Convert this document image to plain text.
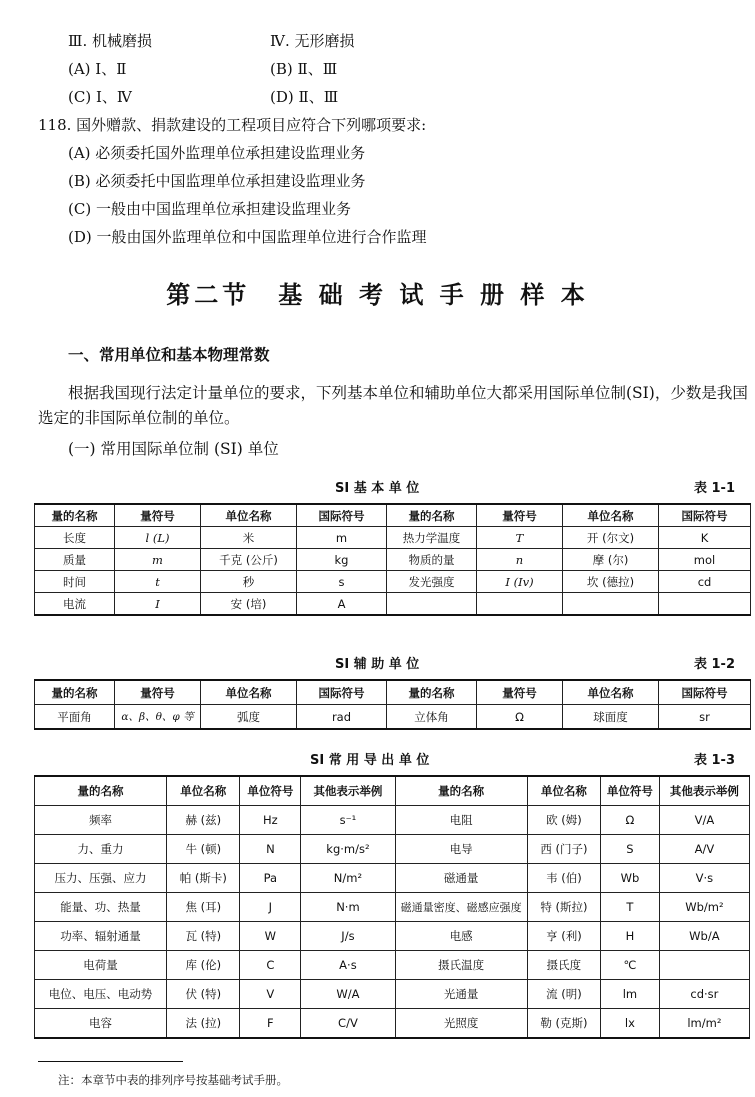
Ⅲ. 机械磨损	Ⅳ. 无形磨损
(A) Ⅰ、Ⅱ	(B) Ⅱ、Ⅲ
(C) Ⅰ、Ⅳ	(D) Ⅱ、Ⅲ
118. 国外赠款、捐款建设的工程项目应符合下列哪项要求:
(A) 必须委托国外监理单位承担建设监理业务
(B) 必须委托中国监理单位承担建设监理业务
(C) 一般由中国监理单位承担建设监理业务
(D) 一般由国外监理单位和中国监理单位进行合作监理
第二节　基 础 考 试 手 册 样 本
一、常用单位和基本物理常数
根据我国现行法定计量单位的要求，下列基本单位和辅助单位大都采用国际单位制(SI)，少数是我国选定的非国际单位制的单位。
(一) 常用国际单位制 (SI) 单位
SI 基 本 单 位	表 1-1
量的名称	量符号	单位名称	国际符号	量的名称	量符号	单位名称	国际符号
长度	l (L)	米	m	热力学温度	T	开 (尔文)	K
质量	m	千克 (公斤)	kg	物质的量	n	摩 (尔)	mol
时间	t	秒	s	发光强度	I (Iv)	坎 (德拉)	cd
电流	I	安 (培)	A				
SI 辅 助 单 位	表 1-2
量的名称	量符号	单位名称	国际符号	量的名称	量符号	单位名称	国际符号
平面角	α、β、θ、φ 等	弧度	rad	立体角	Ω	球面度	sr
SI 常 用 导 出 单 位	表 1-3
量的名称	单位名称	单位符号	其他表示举例	量的名称	单位名称	单位符号	其他表示举例
频率	赫 (兹)	Hz	s⁻¹	电阻	欧 (姆)	Ω	V/A
力、重力	牛 (顿)	N	kg·m/s²	电导	西 (门子)	S	A/V
压力、压强、应力	帕 (斯卡)	Pa	N/m²	磁通量	韦 (伯)	Wb	V·s
能量、功、热量	焦 (耳)	J	N·m	磁通量密度、磁感应强度	特 (斯拉)	T	Wb/m²
功率、辐射通量	瓦 (特)	W	J/s	电感	亨 (利)	H	Wb/A
电荷量	库 (伦)	C	A·s	摄氏温度	摄氏度	℃	
电位、电压、电动势	伏 (特)	V	W/A	光通量	流 (明)	lm	cd·sr
电容	法 (拉)	F	C/V	光照度	勒 (克斯)	lx	lm/m²
注：本章节中表的排列序号按基础考试手册。
